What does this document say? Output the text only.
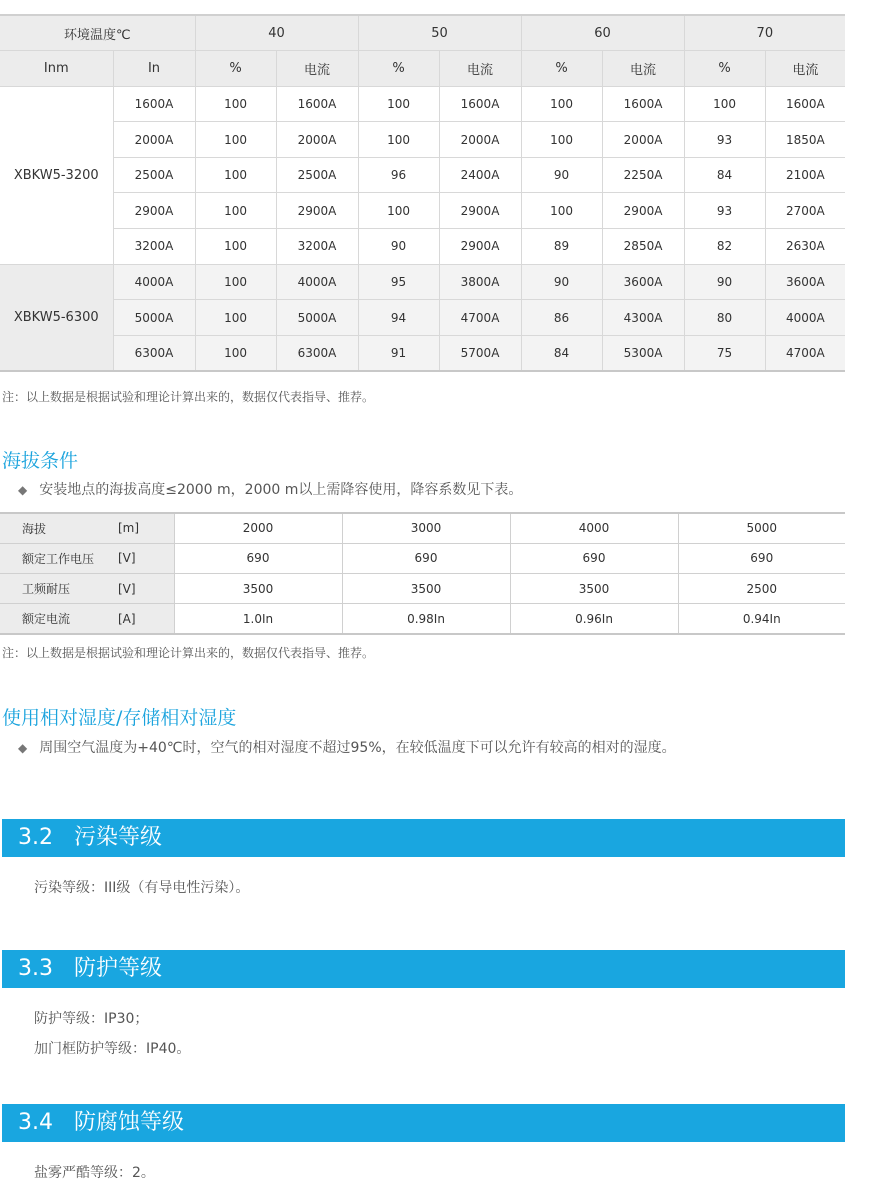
环境温度℃		40		50		60		70	
Inm	In	%	电流	%	电流	%	电流	%	电流
XBKW5-3200	1600A	100	1600A	100	1600A	100	1600A	100	1600A
	2000A	100	2000A	100	2000A	100	2000A	93	1850A
	2500A	100	2500A	96	2400A	90	2250A	84	2100A
	2900A	100	2900A	100	2900A	100	2900A	93	2700A
	3200A	100	3200A	90	2900A	89	2850A	82	2630A
XBKW5-6300	4000A	100	4000A	95	3800A	90	3600A	90	3600A
	5000A	100	5000A	94	4700A	86	4300A	80	4000A
	6300A	100	6300A	91	5700A	84	5300A	75	4700A
注：以上数据是根据试验和理论计算出来的，数据仅代表指导、推荐。
海拔条件
◆ 安装地点的海拔高度≤2000 m，2000 m以上需降容使用，降容系数见下表。
海拔	[m]	2000	3000	4000	5000
额定工作电压	[V]	690	690	690	690
工频耐压	[V]	3500	3500	3500	2500
额定电流	[A]	1.0In	0.98In	0.96In	0.94In
注：以上数据是根据试验和理论计算出来的，数据仅代表指导、推荐。
使用相对湿度/存储相对湿度
◆ 周围空气温度为+40℃时，空气的相对湿度不超过95%，在较低温度下可以允许有较高的相对的湿度。
3.2 污染等级
污染等级：III级（有导电性污染）。
3.3 防护等级
防护等级：IP30；
加门框防护等级：IP40。
3.4 防腐蚀等级
盐雾严酷等级：2。
